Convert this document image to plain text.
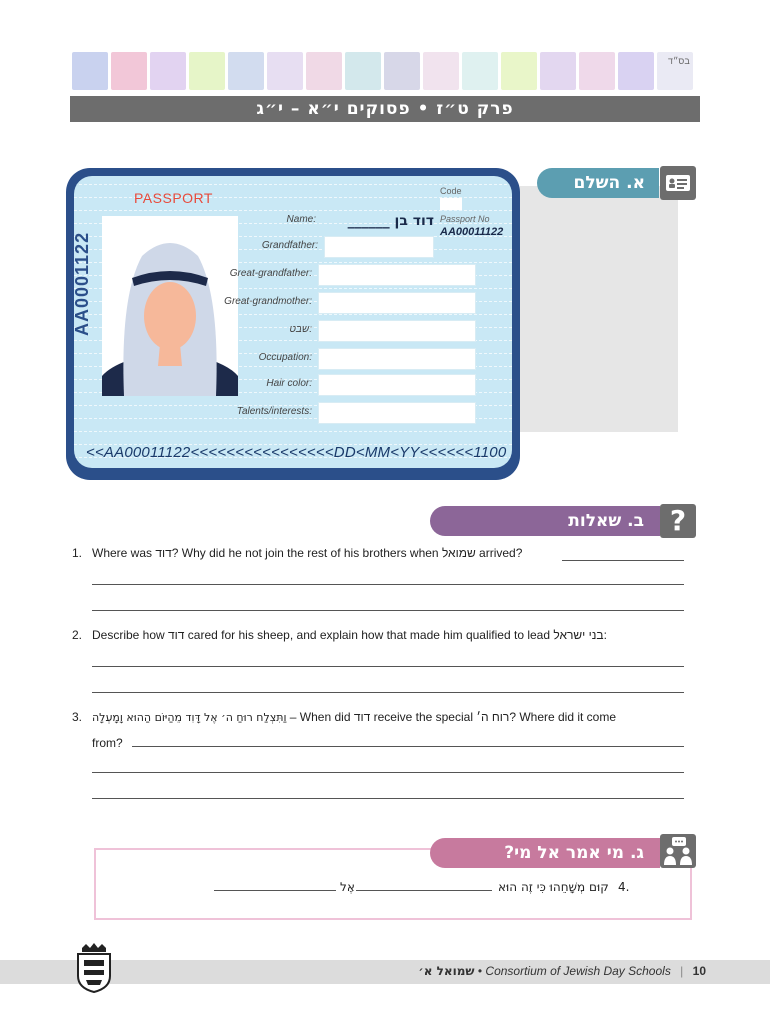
בס״ד
פרק ט״ז • פסוקים י״א – י״ג
א. השלם
PASSPORT
AA0001122
Code
Passport No
AA00011122
Name:	דוד בן ______
Grandfather:
Great-grandfather:
Great-grandmother:
שבט:
Occupation:
Hair color:
Talents/interests:
<<AA00011122<<<<<<<<<<<<<<<<DD<MM<YY<<<<<<1100
ב. שאלות ?
1. Where was דוד? Why did he not join the rest of his brothers when שמואל arrived?
2. Describe how דוד cared for his sheep, and explain how that made him qualified to lead בני ישראל:
3. וַתִּצְלַח רוּחַ ה׳ אֶל דָּוִד מֵהַיּוֹם הַהוּא וָמָעְלָה – When did דוד receive the special רוח ה׳? Where did it come
from?
ג. מי אמר אל מי?
.4
קוּם מְשָׁחֵהוּ כִּי זֶה הוּא
אֶל
שמואל א׳ • Consortium of Jewish Day Schools | 10
